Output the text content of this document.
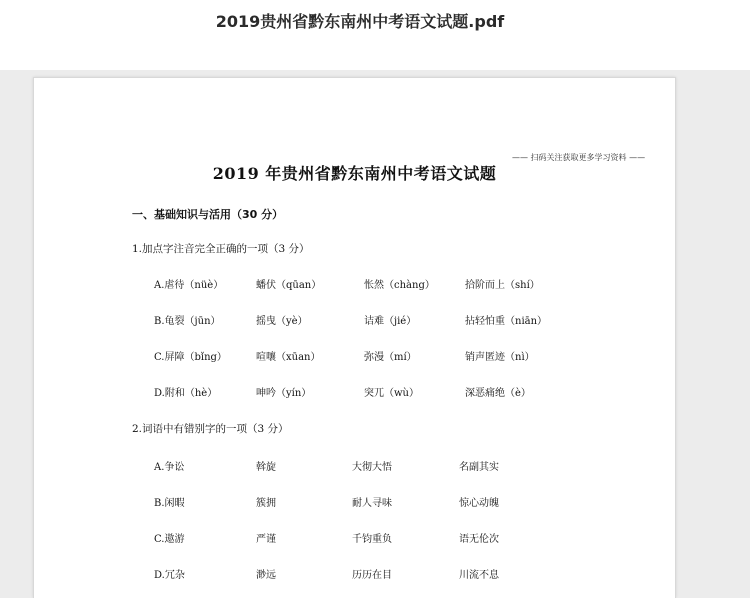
2019贵州省黔东南州中考语文试题.pdf
—— 扫码关注获取更多学习资料 ——
2019 年贵州省黔东南州中考语文试题
一、基础知识与活用（30 分）
1.加点字注音完全正确的一项（3 分）
A.虐待（nüè）	蟠伏（qūan）	怅然（chàng）	拾阶而上（shí）
B.龟裂（jūn）	摇曳（yè）	诘难（jié）	拈轻怕重（niān）
C.屏障（bǐng）	喧嚷（xūan）	弥漫（mí）	销声匿迹（nì）
D.附和（hè）	呻吟（yín）	突兀（wù）	深恶痛绝（è）
2.词语中有错别字的一项（3 分）
A.争讼	斡旋	大彻大悟	名副其实
B.闲暇	簇拥	耐人寻味	惊心动魄
C.遨游	严谨	千钧重负	语无伦次
D.冗杂	渺远	历历在目	川流不息
